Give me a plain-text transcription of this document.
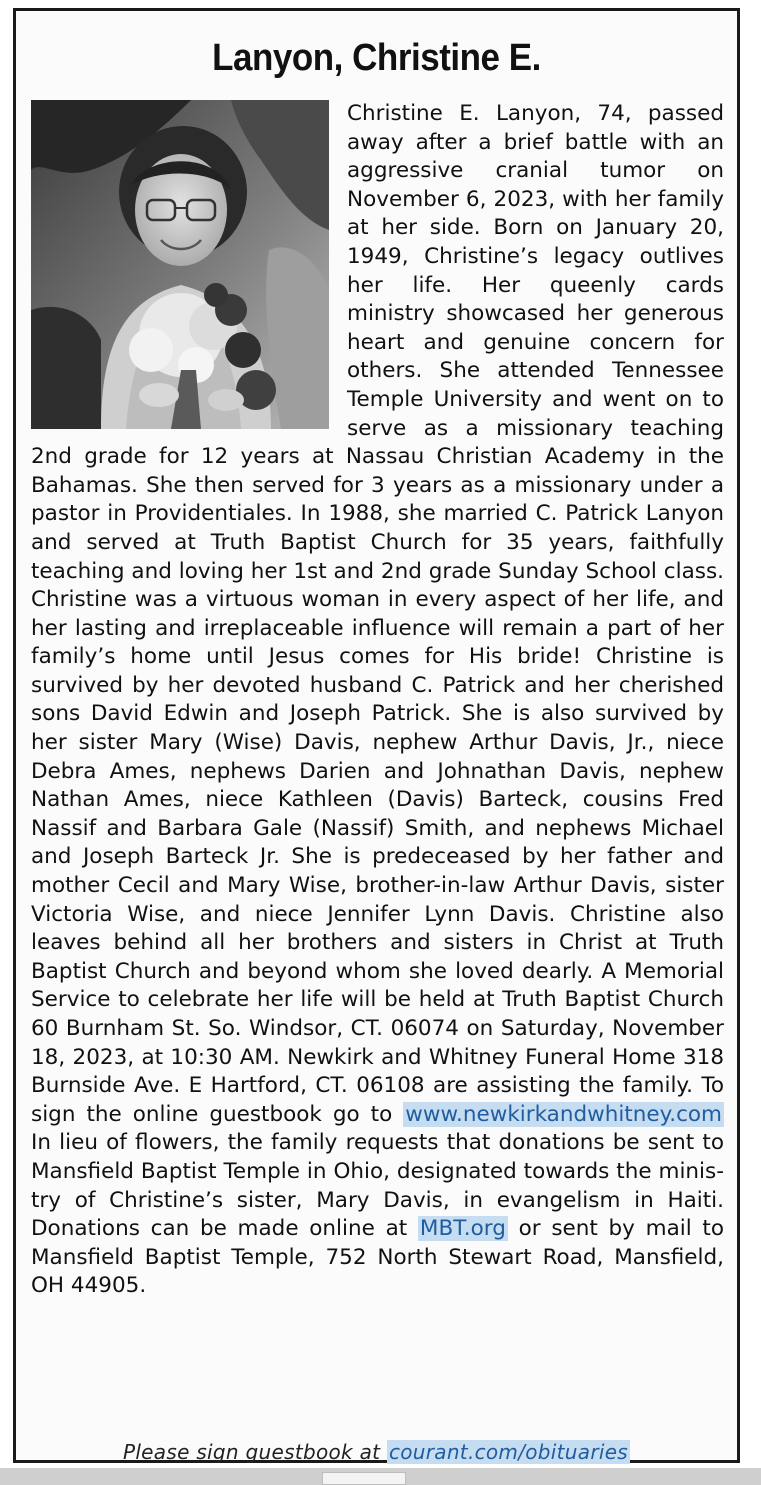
Lanyon, Christine E.

Christine E. Lanyon, 74, passed away after a brief battle with an aggressive cranial tumor on November 6, 2023, with her family at her side. Born on January 20, 1949, Christine’s legacy outlives her life. Her queenly cards ministry showcased her generous heart and genuine concern for others. She attended Tennessee Temple University and went on to serve as a missionary teaching 2nd grade for 12 years at Nassau Christian Academy in the Bahamas. She then served for 3 years as a missionary under a pastor in Providentiales. In 1988, she married C. Patrick Lanyon and served at Truth Baptist Church for 35 years, faithfully teaching and loving her 1st and 2nd grade Sunday School class. Christine was a virtuous woman in every aspect of her life, and her lasting and irreplaceable influence will remain a part of her family’s home until Jesus comes for His bride! Christine is survived by her devoted husband C. Patrick and her cherished sons David Edwin and Joseph Patrick. She is also survived by her sister Mary (Wise) Davis, nephew Arthur Davis, Jr., niece Debra Ames, nephews Darien and Johnathan Davis, nephew Nathan Ames, niece Kathleen (Davis) Barteck, cousins Fred Nassif and Barbara Gale (Nassif) Smith, and nephews Michael and Joseph Barteck Jr. She is predeceased by her father and mother Cecil and Mary Wise, brother-in-law Arthur Davis, sister Victoria Wise, and niece Jennifer Lynn Davis. Christine also leaves behind all her brothers and sisters in Christ at Truth Baptist Church and beyond whom she loved dearly. A Memorial Service to celebrate her life will be held at Truth Baptist Church 60 Burnham St. So. Windsor, CT. 06074 on Saturday, November 18, 2023, at 10:30 AM. Newkirk and Whitney Funeral Home 318 Burnside Ave. E Hartford, CT. 06108 are assisting the family. To sign the online guestbook go to www.newkirkandwhitney.com In lieu of flowers, the family requests that donations be sent to Mansfield Baptist Temple in Ohio, designated towards the ministry of Christine’s sister, Mary Davis, in evangelism in Haiti. Donations can be made online at MBT.org or sent by mail to Mansfield Baptist Temple, 752 North Stewart Road, Mansfield, OH 44905.

Please sign guestbook at courant.com/obituaries
